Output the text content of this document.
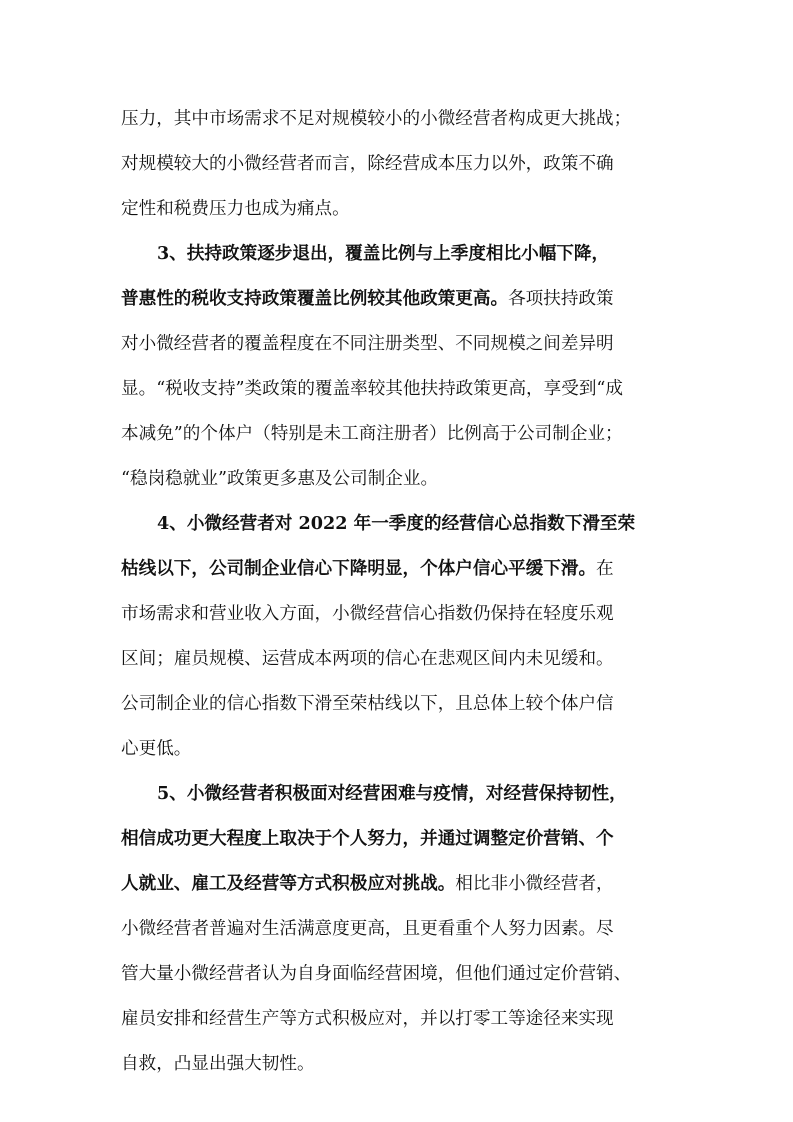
压力，其中市场需求不足对规模较小的小微经营者构成更大挑战；
对规模较大的小微经营者而言，除经营成本压力以外，政策不确
定性和税费压力也成为痛点。
3、扶持政策逐步退出，覆盖比例与上季度相比小幅下降，
普惠性的税收支持政策覆盖比例较其他政策更高。各项扶持政策
对小微经营者的覆盖程度在不同注册类型、不同规模之间差异明
显。“税收支持”类政策的覆盖率较其他扶持政策更高，享受到“成
本减免”的个体户（特别是未工商注册者）比例高于公司制企业；
“稳岗稳就业”政策更多惠及公司制企业。
4、小微经营者对 2022 年一季度的经营信心总指数下滑至荣
枯线以下，公司制企业信心下降明显，个体户信心平缓下滑。在
市场需求和营业收入方面，小微经营信心指数仍保持在轻度乐观
区间；雇员规模、运营成本两项的信心在悲观区间内未见缓和。
公司制企业的信心指数下滑至荣枯线以下，且总体上较个体户信
心更低。
5、小微经营者积极面对经营困难与疫情，对经营保持韧性，
相信成功更大程度上取决于个人努力，并通过调整定价营销、个
人就业、雇工及经营等方式积极应对挑战。相比非小微经营者，
小微经营者普遍对生活满意度更高，且更看重个人努力因素。尽
管大量小微经营者认为自身面临经营困境，但他们通过定价营销、
雇员安排和经营生产等方式积极应对，并以打零工等途径来实现
自救，凸显出强大韧性。
